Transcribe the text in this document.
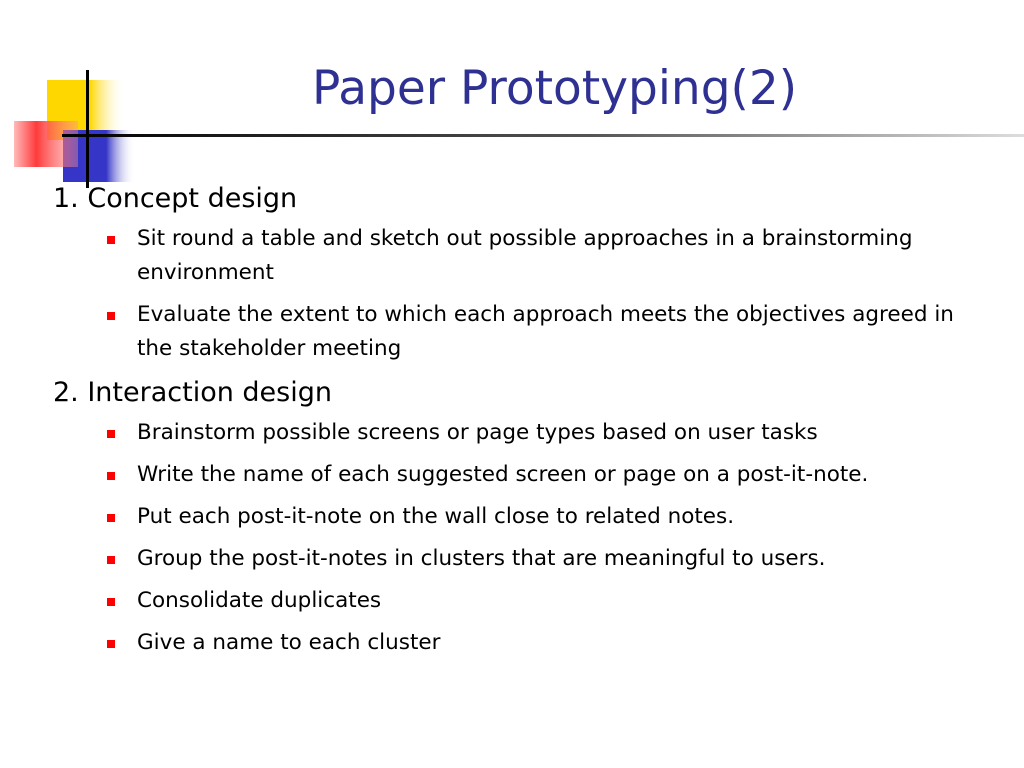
Paper Prototyping(2)

1. Concept design

Sit round a table and sketch out possible approaches in a brainstorming environment
Evaluate the extent to which each approach meets the objectives agreed in the stakeholder meeting

2. Interaction design

Brainstorm possible screens or page types based on user tasks
Write the name of each suggested screen or page on a post-it-note.
Put each post-it-note on the wall close to related notes.
Group the post-it-notes in clusters that are meaningful to users.
Consolidate duplicates
Give a name to each cluster
